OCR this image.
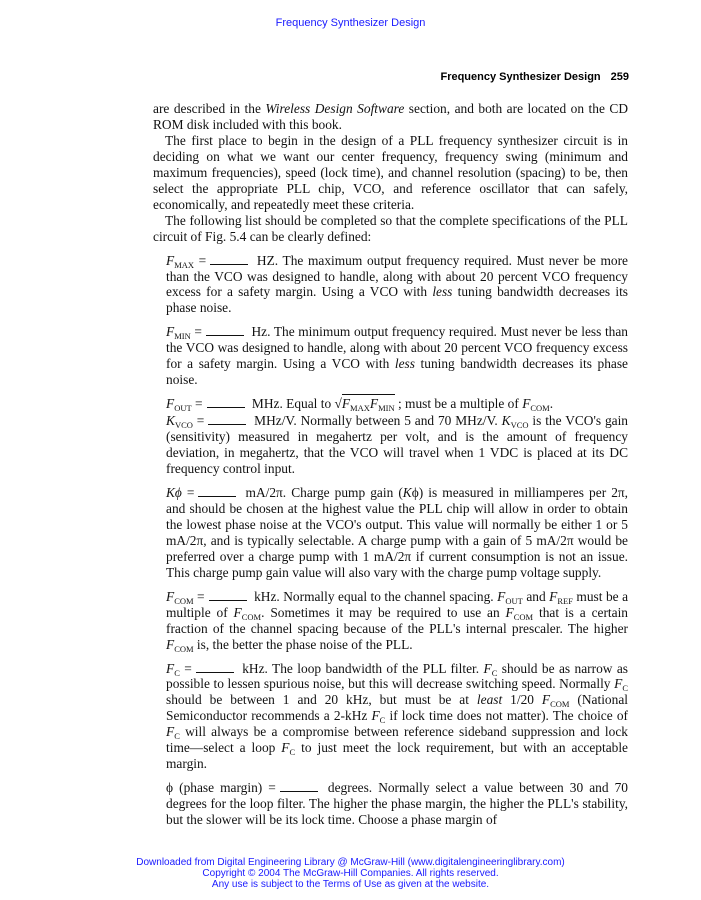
Frequency Synthesizer Design
Frequency Synthesizer Design 259

are described in the Wireless Design Software section, and both are located on the CD ROM disk included with this book.

The first place to begin in the design of a PLL frequency synthesizer circuit is in deciding on what we want our center frequency, frequency swing (minimum and maximum frequencies), speed (lock time), and channel resolution (spacing) to be, then select the appropriate PLL chip, VCO, and reference oscillator that can safely, economically, and repeatedly meet these criteria.

The following list should be completed so that the complete specifications of the PLL circuit of Fig. 5.4 can be clearly defined:

$F_{MAX}$ =	HZ. The maximum output frequency required. Must never be more than the VCO was designed to handle, along with about 20 percent VCO frequency excess for a safety margin. Using a VCO with less tuning bandwidth decreases its phase noise.

$F_{MIN}$ =	Hz. The minimum output frequency required. Must never be less than the VCO was designed to handle, along with about 20 percent VCO frequency excess for a safety margin. Using a VCO with less tuning bandwidth decreases its phase noise.

$F_{OUT}$ =	MHz. Equal to $√F_{MAX}F_{MIN}$ ; must be a multiple of $F_{COM}$.

$K_{VCO}$ =	MHz/V. Normally between 5 and 70 MHz/V. $K_{VCO}$ is the VCO's gain (sensitivity) measured in megahertz per volt, and is the amount of frequency deviation, in megahertz, that the VCO will travel when 1 VDC is placed at its DC frequency control input.

Kϕ =	mA/2π. Charge pump gain (Kϕ) is measured in milliamperes per 2π, and should be chosen at the highest value the PLL chip will allow in order to obtain the lowest phase noise at the VCO's output. This value will normally be either 1 or 5 mA/2π, and is typically selectable. A charge pump with a gain of 5 mA/2π would be preferred over a charge pump with 1 mA/2π if current consumption is not an issue. This charge pump gain value will also vary with the charge pump voltage supply.

$F_{COM}$ =	kHz. Normally equal to the channel spacing. $F_{OUT}$ and $F_{REF}$ must be a multiple of $F_{COM}$. Sometimes it may be required to use an $F_{COM}$ that is a certain fraction of the channel spacing because of the PLL's internal prescaler. The higher $F_{COM}$ is, the better the phase noise of the PLL.

$F_C$ =	kHz. The loop bandwidth of the PLL filter. $F_C$ should be as narrow as possible to lessen spurious noise, but this will decrease switching speed. Normally $F_C$ should be between 1 and 20 kHz, but must be at least 1/20 $F_{COM}$ (National Semiconductor recommends a 2-kHz $F_C$ if lock time does not matter). The choice of $F_C$ will always be a compromise between reference sideband suppression and lock time—select a loop $F_C$ to just meet the lock requirement, but with an acceptable margin.

ϕ (phase margin) =	degrees. Normally select a value between 30 and 70 degrees for the loop filter. The higher the phase margin, the higher the PLL's stability, but the slower will be its lock time. Choose a phase margin of

Downloaded from Digital Engineering Library @ McGraw-Hill (www.digitalengineeringlibrary.com)
Copyright © 2004 The McGraw-Hill Companies. All rights reserved.
Any use is subject to the Terms of Use as given at the website.
